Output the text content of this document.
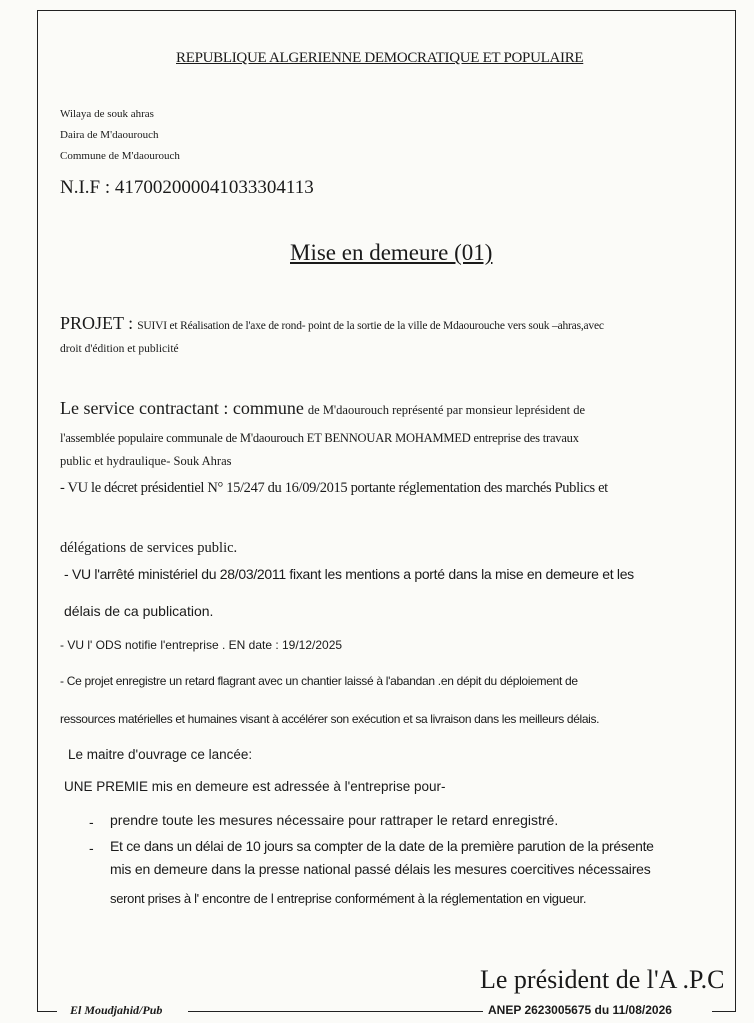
REPUBLIQUE ALGERIENNE DEMOCRATIQUE ET POPULAIRE
Wilaya de souk ahras
Daira de M'daourouch
Commune de M'daourouch
N.I.F : 417002000041033304113
Mise en demeure (01)
PROJET : SUIVI et Réalisation de l'axe de rond- point de la sortie de la ville de Mdaourouche vers souk –ahras,avec
droit d'édition et publicité
Le service contractant : commune de M'daourouch représenté par monsieur leprésident de
l'assemblée populaire communale de M'daourouch ET BENNOUAR MOHAMMED entreprise des travaux
public et hydraulique- Souk Ahras
- VU le décret présidentiel N° 15/247 du 16/09/2015 portante réglementation des marchés Publics et
délégations de services public.
- VU l'arrêté ministériel du 28/03/2011 fixant les mentions a porté dans la mise en demeure et les
délais de ca publication.
- VU l' ODS notifie l'entreprise . EN date : 19/12/2025
- Ce projet enregistre un retard flagrant avec un chantier laissé à l'abandan .en dépit du déploiement de
ressources matérielles et humaines visant à accélérer son exécution et sa livraison dans les meilleurs délais.
Le maitre d'ouvrage ce lancée:
UNE PREMIE mis en demeure est adressée à l'entreprise pour-
- prendre toute les mesures nécessaire pour rattraper le retard enregistré.
- Et ce dans un délai de 10 jours sa compter de la date de la première parution de la présente
mis en demeure dans la presse national passé délais les mesures coercitives nécessaires
seront prises à l' encontre de l entreprise conformément à la réglementation en vigueur.
Le président de l'A .P.C
El Moudjahid/Pub	ANEP 2623005675 du 11/08/2026
